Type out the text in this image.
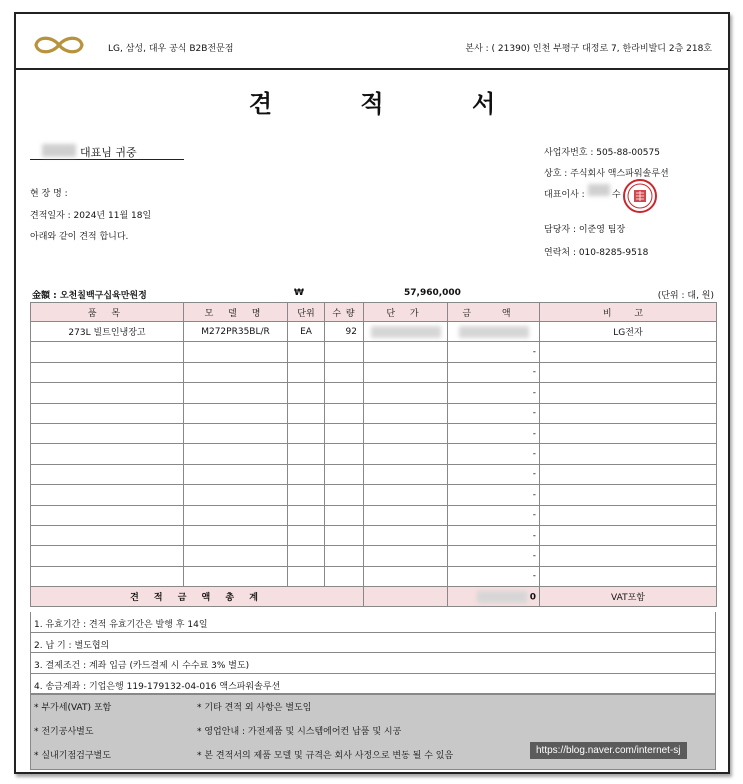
LG, 삼성, 대우 공식 B2B전문점	본사 : ( 21390) 인천 부평구 대정로 7, 한라비발디 2층 218호
견 적 서
대표님 귀중
현 장 명 :
견적일자 : 2024년 11월 18일
아래와 같이 견적 합니다.
사업자번호 : 505-88-00575
상호 : 주식회사 액스파워솔루션
대표이사 :	수
담당자 : 이준영 팀장
연락처 : 010-8285-9518
金額 : 오천칠백구십육만원정	₩	57,960,000	(단위 : 대, 원)
품 목	모 델 명	단위	수 량	단 가	금 액	비 고
273L 빌트인냉장고	M272PR35BL/R	EA	92			LG전자
					-	
					-	
					-	
					-	
					-	
					-	
					-	
					-	
					-	
					-	
					-	
					-	
견 적 금 액 총 계					0	VAT포함
1. 유효기간 : 견적 유효기간은 발행 후 14일
2. 납 기 : 별도협의
3. 결제조건 : 계좌 입금 (카드결제 시 수수료 3% 별도)
4. 송금계좌 : 기업은행 119-179132-04-016 액스파워솔루션
* 부가세(VAT) 포함
* 전기공사별도
* 실내기점검구별도
* 기타 견적 외 사항은 별도임
* 영업안내 : 가전제품 및 시스템에어컨 납품 및 시공
* 본 견적서의 제품 모델 및 규격은 회사 사정으로 변동 될 수 있음	https://blog.naver.com/internet-sj
